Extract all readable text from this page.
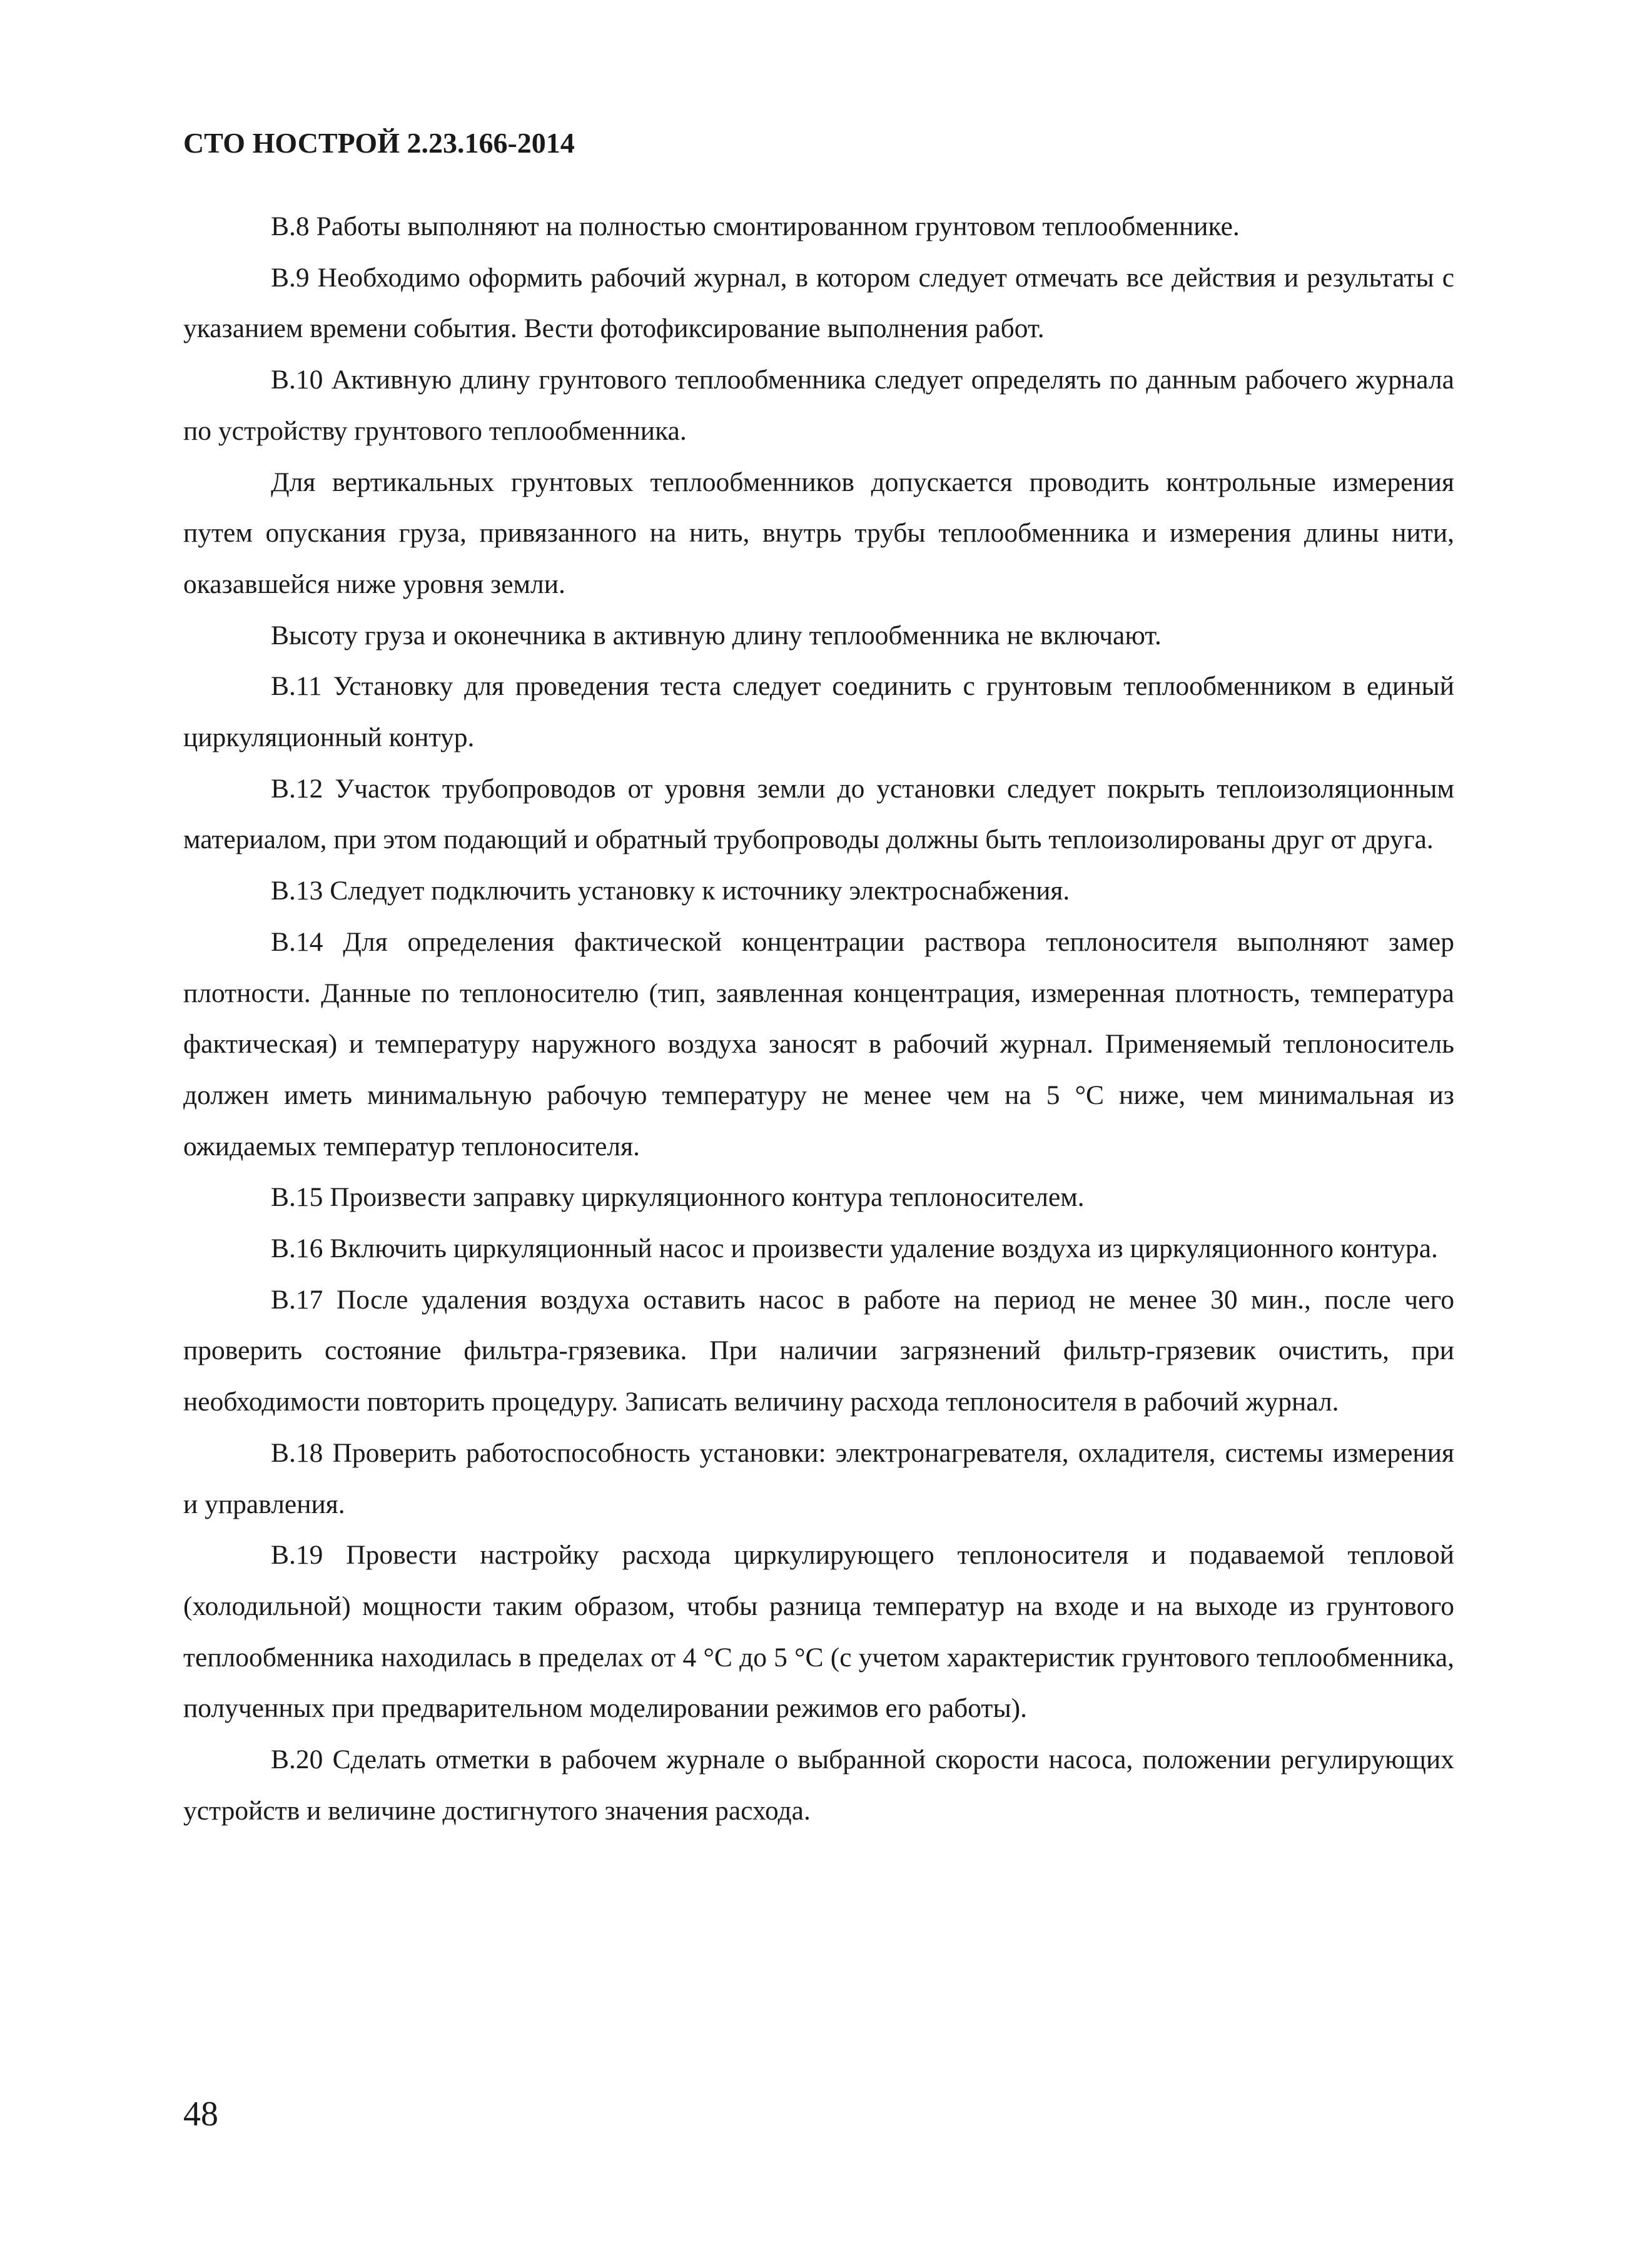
СТО НОСТРОЙ 2.23.166-2014

В.8 Работы выполняют на полностью смонтированном грунтовом теплообменнике.

В.9 Необходимо оформить рабочий журнал, в котором следует отмечать все действия и результаты с указанием времени события. Вести фотофиксирование выполнения работ.

В.10 Активную длину грунтового теплообменника следует определять по данным рабочего журнала по устройству грунтового теплообменника.

Для вертикальных грунтовых теплообменников допускается проводить контрольные измерения путем опускания груза, привязанного на нить, внутрь трубы теплообменника и измерения длины нити, оказавшейся ниже уровня земли.

Высоту груза и оконечника в активную длину теплообменника не включают.

В.11 Установку для проведения теста следует соединить с грунтовым теплообменником в единый циркуляционный контур.

В.12 Участок трубопроводов от уровня земли до установки следует покрыть теплоизоляционным материалом, при этом подающий и обратный трубопроводы должны быть теплоизолированы друг от друга.

В.13 Следует подключить установку к источнику электроснабжения.

В.14 Для определения фактической концентрации раствора теплоносителя выполняют замер плотности. Данные по теплоносителю (тип, заявленная концентрация, измеренная плотность, температура фактическая) и температуру наружного воздуха заносят в рабочий журнал. Применяемый теплоноситель должен иметь минимальную рабочую температуру не менее чем на 5 °С ниже, чем минимальная из ожидаемых температур теплоносителя.

В.15 Произвести заправку циркуляционного контура теплоносителем.

В.16 Включить циркуляционный насос и произвести удаление воздуха из циркуляционного контура.

В.17 После удаления воздуха оставить насос в работе на период не менее 30 мин., после чего проверить состояние фильтра-грязевика. При наличии загрязнений фильтр-грязевик очистить, при необходимости повторить процедуру. Записать величину расхода теплоносителя в рабочий журнал.

В.18 Проверить работоспособность установки: электронагревателя, охладителя, системы измерения и управления.

В.19 Провести настройку расхода циркулирующего теплоносителя и подаваемой тепловой (холодильной) мощности таким образом, чтобы разница температур на входе и на выходе из грунтового теплообменника находилась в пределах от 4 °С до 5 °С (с учетом характеристик грунтового теплообменника, полученных при предварительном моделировании режимов его работы).

В.20 Сделать отметки в рабочем журнале о выбранной скорости насоса, положении регулирующих устройств и величине достигнутого значения расхода.

48
